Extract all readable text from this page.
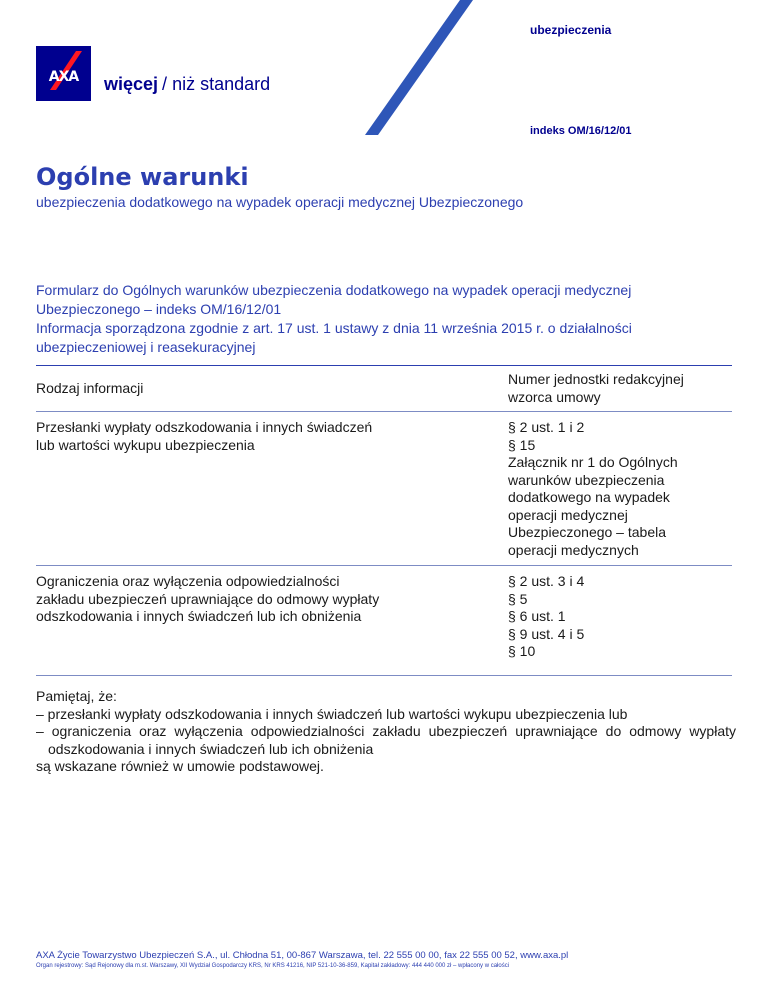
AXA więcej / niż standard
ubezpieczenia
indeks OM/16/12/01
Ogólne warunki
ubezpieczenia dodatkowego na wypadek operacji medycznej Ubezpieczonego

Formularz do Ogólnych warunków ubezpieczenia dodatkowego na wypadek operacji medycznej

Ubezpieczonego – indeks OM/16/12/01

Informacja sporządzona zgodnie z art. 17 ust. 1 ustawy z dnia 11 września 2015 r. o działalności

ubezpieczeniowej i reasekuracyjnej

Rodzaj informacji
Numer jednostki redakcyjnej
wzorca umowy
Przesłanki wypłaty odszkodowania i innych świadczeń
lub wartości wykupu ubezpieczenia
§ 2 ust. 1 i 2
§ 15
Załącznik nr 1 do Ogólnych
warunków ubezpieczenia
dodatkowego na wypadek
operacji medycznej
Ubezpieczonego – tabela
operacji medycznych
Ograniczenia oraz wyłączenia odpowiedzialności
zakładu ubezpieczeń uprawniające do odmowy wypłaty
odszkodowania i innych świadczeń lub ich obniżenia
§ 2 ust. 3 i 4
§ 5
§ 6 ust. 1
§ 9 ust. 4 i 5
§ 10
Pamiętaj, że:
– przesłanki wypłaty odszkodowania i innych świadczeń lub wartości wykupu ubezpieczenia lub
– ograniczenia oraz wyłączenia odpowiedzialności zakładu ubezpieczeń uprawniające do odmowy wypłaty odszkodowania i innych świadczeń lub ich obniżenia
są wskazane również w umowie podstawowej.
AXA Życie Towarzystwo Ubezpieczeń S.A., ul. Chłodna 51, 00-867 Warszawa, tel. 22 555 00 00, fax 22 555 00 52, www.axa.pl
Organ rejestrowy: Sąd Rejonowy dla m.st. Warszawy, XII Wydział Gospodarczy KRS, Nr KRS 41216, NIP 521-10-36-859, Kapitał zakładowy: 444 440 000 zł – wpłacony w całości
